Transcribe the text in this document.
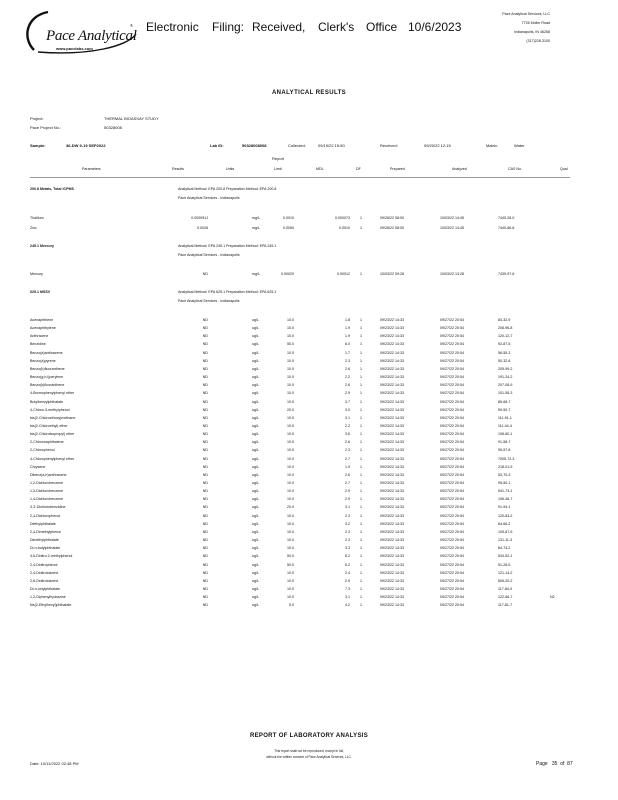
Pace Analytical
®
www.pacelabs.com
Electronic Filing: Received, Clerk's Office 10/6/2023
Pace Analytical Services, LLC
7726 Moller Road
Indianapolis, IN 46268
(317)228-3100
ANALYTICAL RESULTS
Project:	THERMAL BIOASSAY STUDY
Pace Project No.:	50328008
Sample:	36-DW 9-19 SEP2022	Lab ID:	50328008008	Collected:	09/19/22 15:50	Received:	09/20/22 12:15	Matrix:	Water
Report
Parameters	Results	Units	Limit	MDL	DF	Prepared	Analyzed	CAS No.	Qual
200.8 Metals, Total ICPMS	Analytical Method: EPA 200.8 Preparation Method: EPA 200.8
Pace Analytical Services - Indianapolis
Thallium	0.000091J	mg/L	0.0010	0.000073	1	09/28/22 08:00	10/03/22 14:45	7440-28-0
Zinc	0.0026	mg/L	0.0050	0.0010	1	09/28/22 08:00	10/03/22 14:45	7440-66-6
245.1 Mercury	Analytical Method: EPA 245.1 Preparation Method: EPA 245.1
Pace Analytical Services - Indianapolis
Mercury	ND	mg/L	0.00020	0.00012	1	10/03/22 09:28	10/03/22 13:28	7439-97-6
625.1 MSSV	Analytical Method: EPA 625.1 Preparation Method: EPA 625.1
Pace Analytical Services - Indianapolis
Acenaphthene	ND	ug/L	10.0	1.8	1	09/23/22 14:33	09/27/22 20:54	83-32-9
Acenaphthylene	ND	ug/L	10.0	1.9	1	09/23/22 14:33	09/27/22 20:54	208-96-8
Anthracene	ND	ug/L	10.0	1.9	1	09/23/22 14:33	09/27/22 20:54	120-12-7
Benzidine	ND	ug/L	50.0	6.0	1	09/23/22 14:33	09/27/22 20:54	92-87-5
Benzo(a)anthracene	ND	ug/L	10.0	1.7	1	09/23/22 14:33	09/27/22 20:54	56-55-3
Benzo(a)pyrene	ND	ug/L	10.0	2.3	1	09/23/22 14:33	09/27/22 20:54	50-32-8
Benzo(b)fluoranthene	ND	ug/L	10.0	2.6	1	09/23/22 14:33	09/27/22 20:54	205-99-2
Benzo(g,h,i)perylene	ND	ug/L	10.0	2.2	1	09/23/22 14:33	09/27/22 20:54	191-24-2
Benzo(k)fluoranthene	ND	ug/L	10.0	2.6	1	09/23/22 14:33	09/27/22 20:54	207-08-9
4-Bromophenylphenyl ether	ND	ug/L	10.0	2.9	1	09/23/22 14:33	09/27/22 20:54	101-55-3
Butylbenzylphthalate	ND	ug/L	10.0	3.7	1	09/23/22 14:33	09/27/22 20:54	85-68-7
4-Chloro-3-methylphenol	ND	ug/L	20.0	3.0	1	09/23/22 14:33	09/27/22 20:54	59-50-7
bis(2-Chloroethoxy)methane	ND	ug/L	10.0	3.1	1	09/23/22 14:33	09/27/22 20:54	111-91-1
bis(2-Chloroethyl) ether	ND	ug/L	10.0	2.2	1	09/23/22 14:33	09/27/22 20:54	111-44-4
bis(2-Chloroisopropyl) ether	ND	ug/L	10.0	3.6	1	09/23/22 14:33	09/27/22 20:54	108-60-1
2-Chloronaphthalene	ND	ug/L	10.0	2.6	1	09/23/22 14:33	09/27/22 20:54	91-58-7
2-Chlorophenol	ND	ug/L	10.0	2.3	1	09/23/22 14:33	09/27/22 20:54	95-57-8
4-Chlorophenylphenyl ether	ND	ug/L	10.0	2.7	1	09/23/22 14:33	09/27/22 20:54	7005-72-3
Chrysene	ND	ug/L	10.0	1.9	1	09/23/22 14:33	09/27/22 20:54	218-01-9
Dibenz(a,h)anthracene	ND	ug/L	10.0	2.6	1	09/23/22 14:33	09/27/22 20:54	53-70-3
1,2-Dichlorobenzene	ND	ug/L	10.0	2.7	1	09/23/22 14:33	09/27/22 20:54	95-50-1
1,3-Dichlorobenzene	ND	ug/L	10.0	2.9	1	09/23/22 14:33	09/27/22 20:54	541-73-1
1,4-Dichlorobenzene	ND	ug/L	10.0	2.9	1	09/23/22 14:33	09/27/22 20:54	106-46-7
3,3'-Dichlorobenzidine	ND	ug/L	20.0	3.1	1	09/23/22 14:33	09/27/22 20:54	91-94-1
2,4-Dichlorophenol	ND	ug/L	10.0	2.3	1	09/23/22 14:33	09/27/22 20:54	120-83-2
Diethylphthalate	ND	ug/L	10.0	3.2	1	09/23/22 14:33	09/27/22 20:54	84-66-2
2,4-Dimethylphenol	ND	ug/L	10.0	2.3	1	09/23/22 14:33	09/27/22 20:54	105-67-9
Dimethylphthalate	ND	ug/L	10.0	2.3	1	09/23/22 14:33	09/27/22 20:54	131-11-3
Di-n-butylphthalate	ND	ug/L	10.0	3.3	1	09/23/22 14:33	09/27/22 20:54	84-74-2
4,6-Dinitro-2-methylphenol	ND	ug/L	50.0	8.2	1	09/23/22 14:33	09/27/22 20:54	534-52-1
2,4-Dinitrophenol	ND	ug/L	50.0	5.2	1	09/23/22 14:33	09/27/22 20:54	51-28-5
2,4-Dinitrotoluene	ND	ug/L	10.0	2.4	1	09/23/22 14:33	09/27/22 20:54	121-14-2
2,6-Dinitrotoluene	ND	ug/L	10.0	2.9	1	09/23/22 14:33	09/27/22 20:54	606-20-2
Di-n-octylphthalate	ND	ug/L	10.0	7.3	1	09/23/22 14:33	09/27/22 20:54	117-84-0
1,2-Diphenylhydrazine	ND	ug/L	10.0	3.1	1	09/23/22 14:33	09/27/22 20:54	122-66-7	N2
bis(2-Ethylhexyl)phthalate	ND	ug/L	5.0	4.2	1	09/23/22 14:33	09/27/22 20:54	117-81-7
REPORT OF LABORATORY ANALYSIS
This report shall not be reproduced, except in full,
without the written consent of Pace Analytical Services, LLC.
Date: 10/11/2022 02:48 PM	Page 35 of 87
